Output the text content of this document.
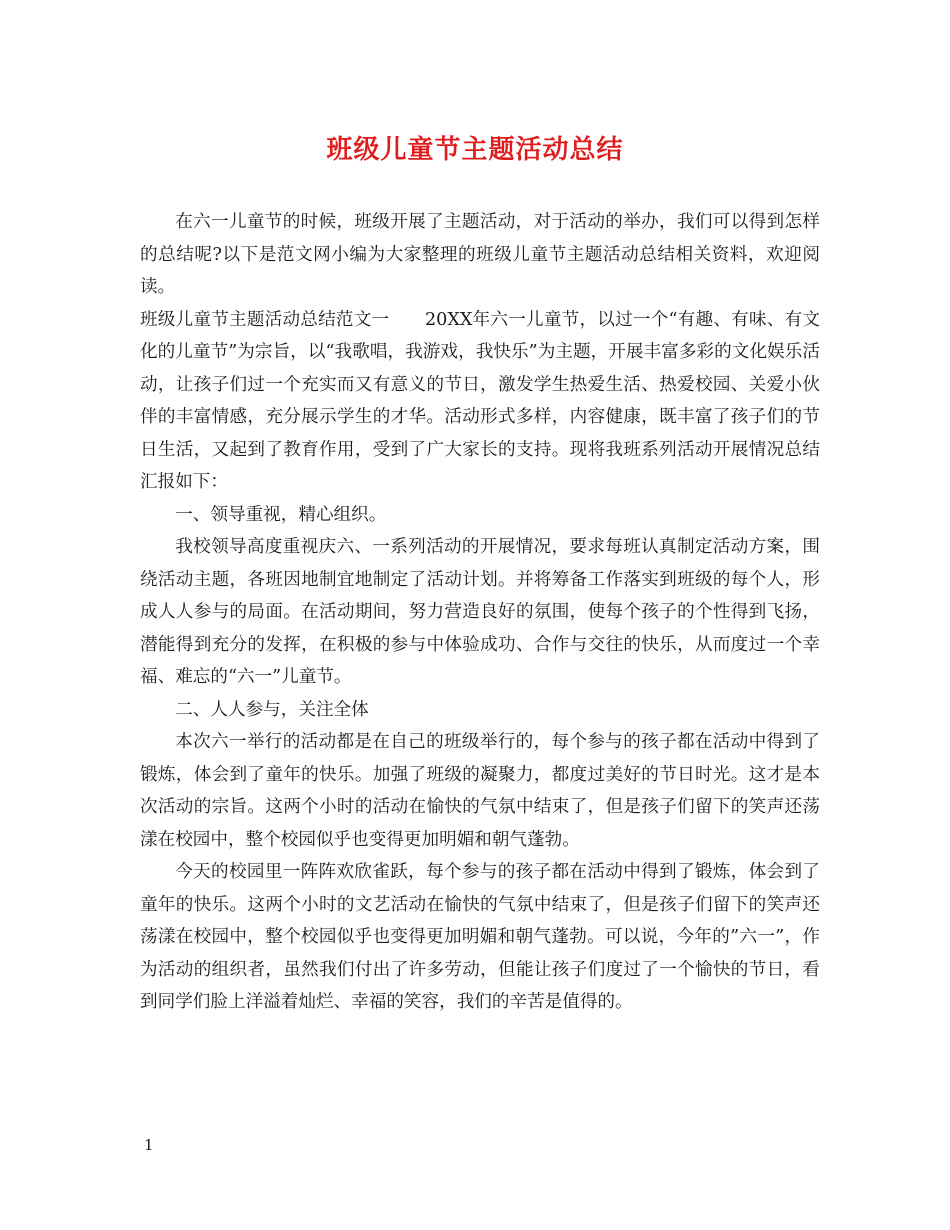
班级儿童节主题活动总结

在六一儿童节的时候，班级开展了主题活动，对于活动的举办，我们可以得到怎样的总结呢?以下是范文网小编为大家整理的班级儿童节主题活动总结相关资料，欢迎阅读。

班级儿童节主题活动总结范文一　　20XX年六一儿童节，以过一个“有趣、有味、有文化的儿童节”为宗旨，以“我歌唱，我游戏，我快乐”为主题，开展丰富多彩的文化娱乐活动，让孩子们过一个充实而又有意义的节日，激发学生热爱生活、热爱校园、关爱小伙伴的丰富情感，充分展示学生的才华。活动形式多样，内容健康，既丰富了孩子们的节日生活，又起到了教育作用，受到了广大家长的支持。现将我班系列活动开展情况总结汇报如下：

一、领导重视，精心组织。

我校领导高度重视庆六、一系列活动的开展情况，要求每班认真制定活动方案，围绕活动主题，各班因地制宜地制定了活动计划。并将筹备工作落实到班级的每个人，形成人人参与的局面。在活动期间，努力营造良好的氛围，使每个孩子的个性得到飞扬，潜能得到充分的发挥，在积极的参与中体验成功、合作与交往的快乐，从而度过一个幸福、难忘的“六一”儿童节。

二、人人参与，关注全体

本次六一举行的活动都是在自己的班级举行的，每个参与的孩子都在活动中得到了锻炼，体会到了童年的快乐。加强了班级的凝聚力，都度过美好的节日时光。这才是本次活动的宗旨。这两个小时的活动在愉快的气氛中结束了，但是孩子们留下的笑声还荡漾在校园中，整个校园似乎也变得更加明媚和朝气蓬勃。

今天的校园里一阵阵欢欣雀跃，每个参与的孩子都在活动中得到了锻炼，体会到了童年的快乐。这两个小时的文艺活动在愉快的气氛中结束了，但是孩子们留下的笑声还荡漾在校园中，整个校园似乎也变得更加明媚和朝气蓬勃。可以说，今年的”六一”，作为活动的组织者，虽然我们付出了许多劳动，但能让孩子们度过了一个愉快的节日，看到同学们脸上洋溢着灿烂、幸福的笑容，我们的辛苦是值得的。

1
